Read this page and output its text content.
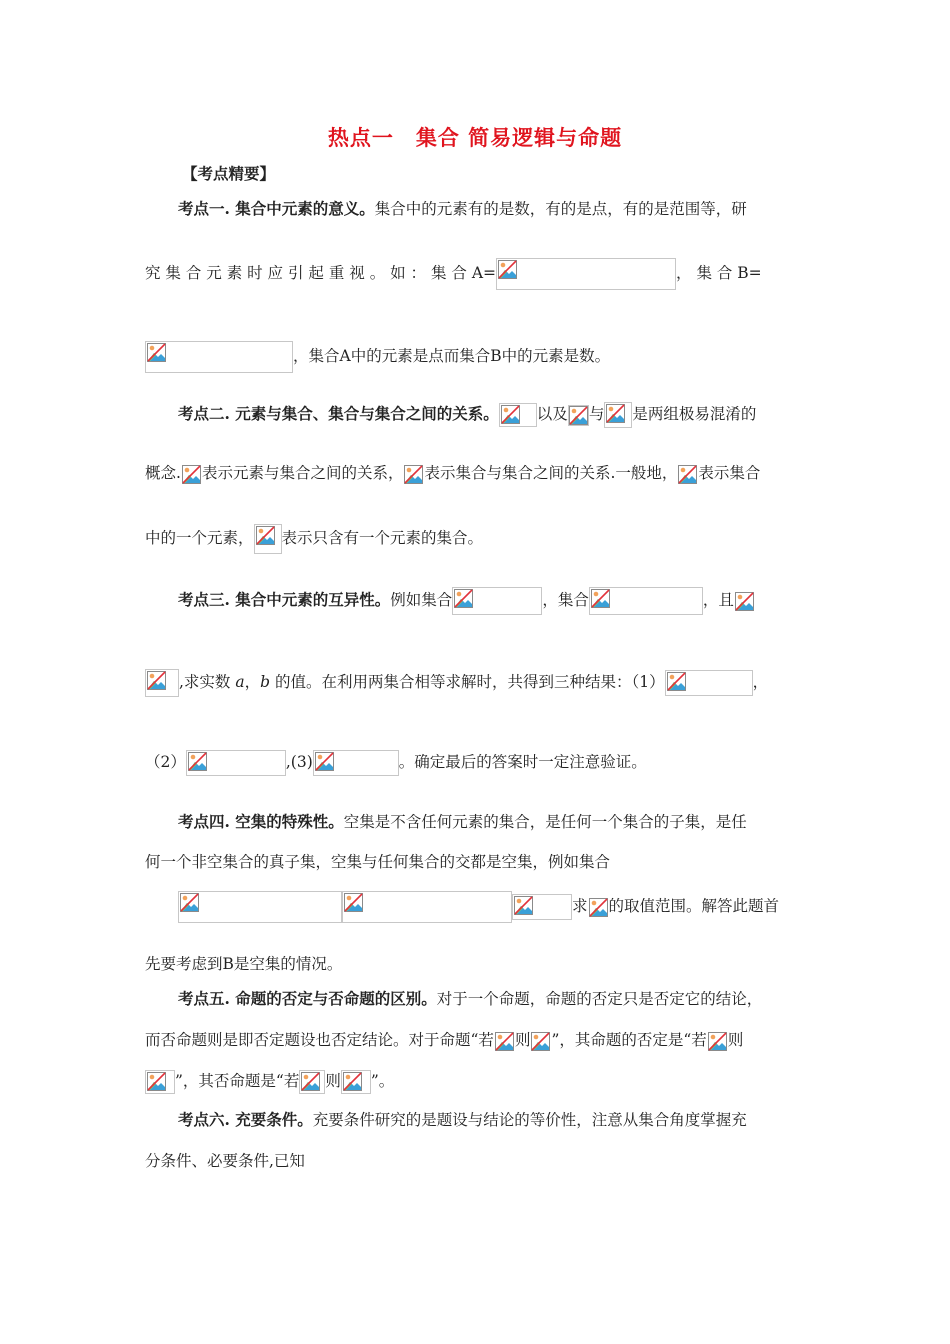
热点一　集合 简易逻辑与命题
【考点精要】
考点一. 集合中元素的意义。集合中的元素有的是数，有的是点，有的是范围等，研
究 集 合 元 素 时 应 引 起 重 视 。 如 ： 集 合 A=	， 集 合 B=
，集合A中的元素是点而集合B中的元素是数。
考点二. 元素与集合、集合与集合之间的关系。 以及 与 是两组极易混淆的
概念. 表示元素与集合之间的关系， 表示集合与集合之间的关系.一般地， 表示集合
中的一个元素， 表示只含有一个元素的集合。
考点三. 集合中元素的互异性。例如集合	，集合	，且
,求实数 a，b 的值。在利用两集合相等求解时，共得到三种结果：（1）	，
（2）	,(3)	。确定最后的答案时一定注意验证。
考点四. 空集的特殊性。空集是不含任何元素的集合，是任何一个集合的子集，是任
何一个非空集合的真子集，空集与任何集合的交都是空集，例如集合
求 的取值范围。解答此题首
先要考虑到B是空集的情况。
考点五. 命题的否定与否命题的区别。对于一个命题，命题的否定只是否定它的结论，
而否命题则是即否定题设也否定结论。对于命题“若 则 ”，其命题的否定是“若 则
”，其否命题是“若 则 ”。
考点六. 充要条件。充要条件研究的是题设与结论的等价性，注意从集合角度掌握充
分条件、必要条件,已知
